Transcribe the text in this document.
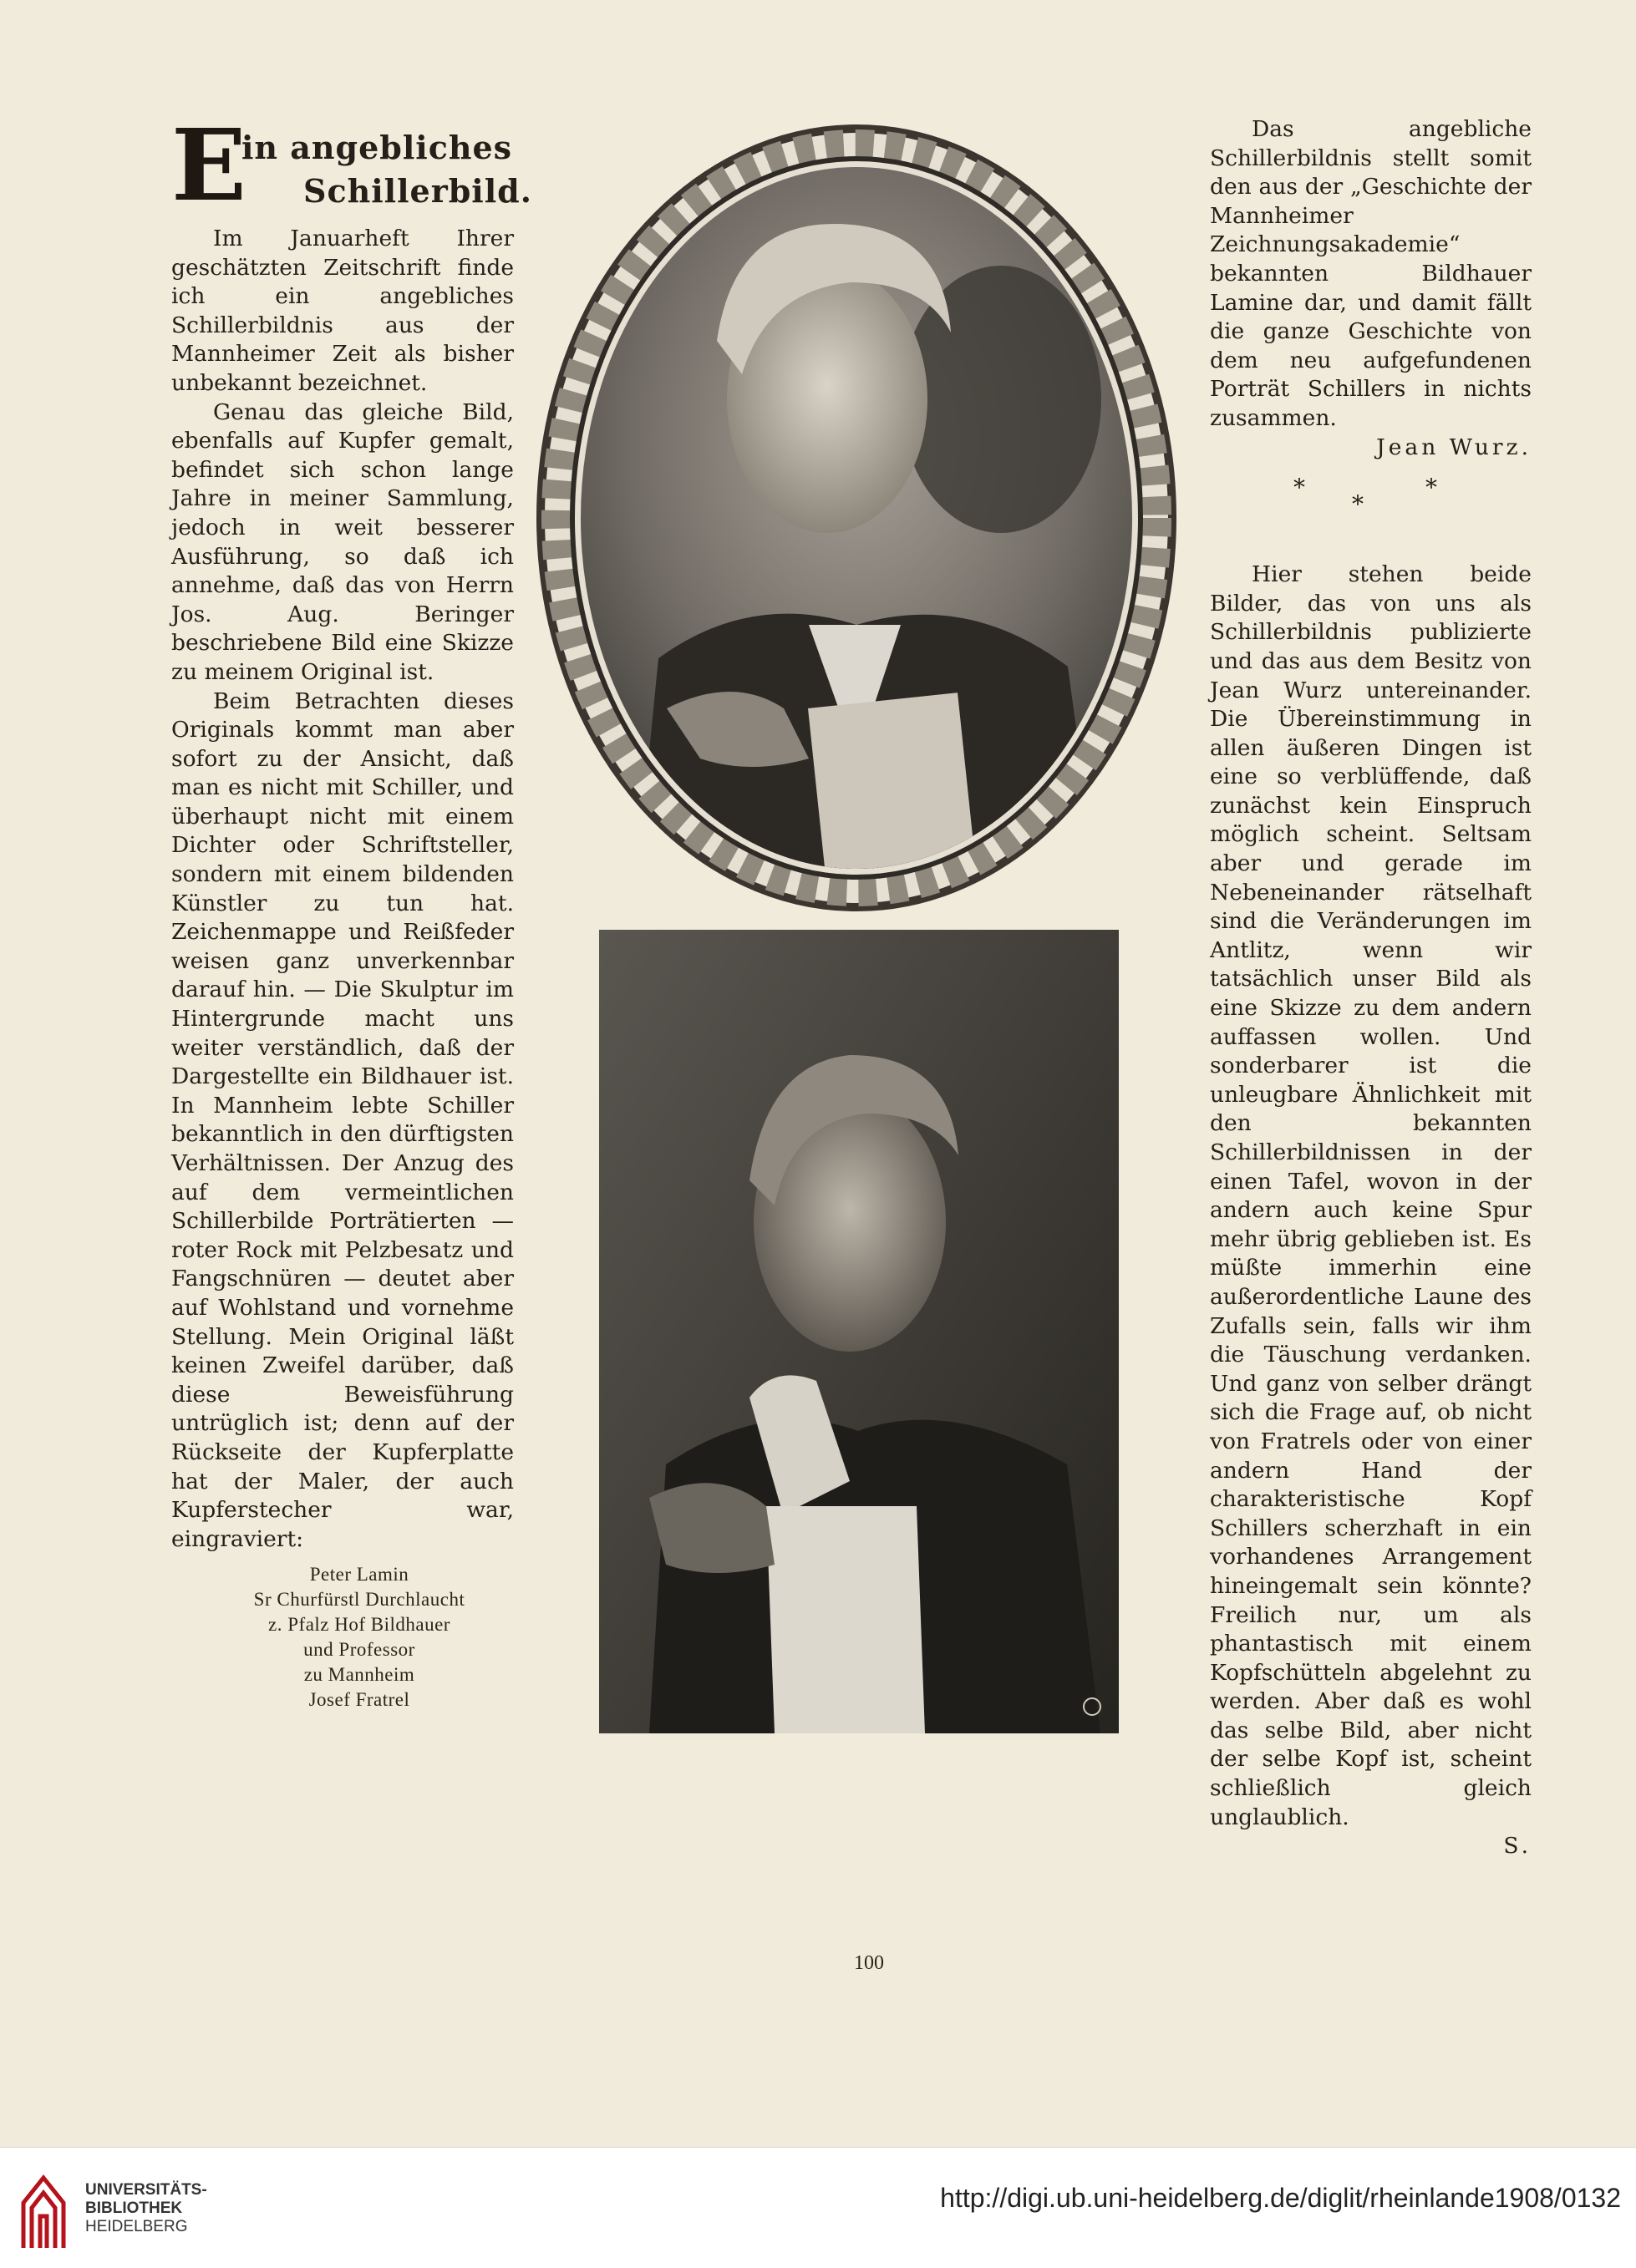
E
in angebliches
Schillerbild.

Im Januarheft Ihrer geschätzten Zeitschrift finde ich ein angebliches Schillerbildnis aus der Mannheimer Zeit als bisher unbekannt bezeichnet.

Genau das gleiche Bild, ebenfalls auf Kupfer gemalt, befindet sich schon lange Jahre in meiner Sammlung, jedoch in weit besserer Ausführung, so daß ich annehme, daß das von Herrn Jos. Aug. Beringer beschriebene Bild eine Skizze zu meinem Original ist.

Beim Betrachten dieses Originals kommt man aber sofort zu der Ansicht, daß man es nicht mit Schiller, und überhaupt nicht mit einem Dichter oder Schriftsteller, sondern mit einem bildenden Künstler zu tun hat. Zeichenmappe und Reißfeder weisen ganz unverkennbar darauf hin. — Die Skulptur im Hintergrunde macht uns weiter verständlich, daß der Dargestellte ein Bildhauer ist. In Mannheim lebte Schiller bekanntlich in den dürftigsten Verhältnissen. Der Anzug des auf dem vermeintlichen Schillerbilde Porträtierten — roter Rock mit Pelzbesatz und Fangschnüren — deutet aber auf Wohlstand und vornehme Stellung. Mein Original läßt keinen Zweifel darüber, daß diese Beweisführung untrüglich ist; denn auf der Rückseite der Kupferplatte hat der Maler, der auch Kupferstecher war, eingraviert:

Peter Lamin
Sr Churfürstl Durchlaucht
z. Pfalz Hof Bildhauer
und Professor
zu Mannheim
Josef Fratrel

Das angebliche Schillerbildnis stellt somit den aus der „Geschichte der Mannheimer Zeichnungsakademie“ bekannten Bildhauer Lamine dar, und damit fällt die ganze Geschichte von dem neu aufgefundenen Porträt Schillers in nichts zusammen.

Jean Wurz.
*
*
*

Hier stehen beide Bilder, das von uns als Schillerbildnis publizierte und das aus dem Besitz von Jean Wurz untereinander. Die Übereinstimmung in allen äußeren Dingen ist eine so verblüffende, daß zunächst kein Einspruch möglich scheint. Seltsam aber und gerade im Nebeneinander rätselhaft sind die Veränderungen im Antlitz, wenn wir tatsächlich unser Bild als eine Skizze zu dem andern auffassen wollen. Und sonderbarer ist die unleugbare Ähnlichkeit mit den bekannten Schillerbildnissen in der einen Tafel, wovon in der andern auch keine Spur mehr übrig geblieben ist. Es müßte immerhin eine außerordentliche Laune des Zufalls sein, falls wir ihm die Täuschung verdanken. Und ganz von selber drängt sich die Frage auf, ob nicht von Fratrels oder von einer andern Hand der charakteristische Kopf Schillers scherzhaft in ein vorhandenes Arrangement hineingemalt sein könnte? Freilich nur, um als phantastisch mit einem Kopfschütteln abgelehnt zu werden. Aber daß es wohl das selbe Bild, aber nicht der selbe Kopf ist, scheint schließlich gleich unglaublich.

S.
100
UNIVERSITÄTS-
BIBLIOTHEK
HEIDELBERG
http://digi.ub.uni-heidelberg.de/diglit/rheinlande1908/0132
